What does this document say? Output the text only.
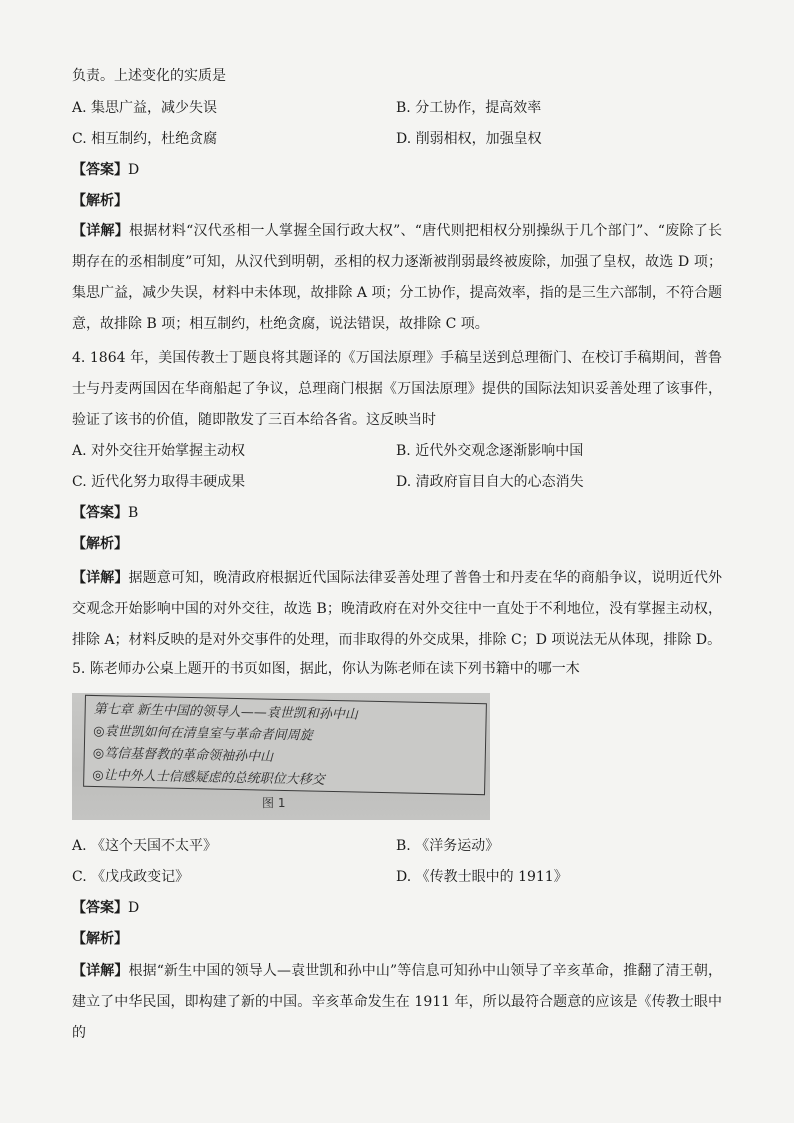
负责。上述变化的实质是
A. 集思广益，减少失误	B. 分工协作，提高效率
C. 相互制约，杜绝贪腐	D. 削弱相权，加强皇权
【答案】D
【解析】
【详解】根据材料“汉代丞相一人掌握全国行政大权”、“唐代则把相权分别操纵于几个部门”、“废除了长期存在的丞相制度”可知，从汉代到明朝，丞相的权力逐渐被削弱最终被废除，加强了皇权，故选 D 项；集思广益，减少失误，材料中未体现，故排除 A 项；分工协作，提高效率，指的是三生六部制，不符合题意，故排除 B 项；相互制约，杜绝贪腐，说法错误，故排除 C 项。
4. 1864 年，美国传教士丁题良将其题译的《万国法原理》手稿呈送到总理衙门、在校订手稿期间，普鲁士与丹麦两国因在华商船起了争议，总理商门根据《万国法原理》提供的国际法知识妥善处理了该事件，验证了该书的价值，随即散发了三百本给各省。这反映当时
A. 对外交往开始掌握主动权	B. 近代外交观念逐渐影响中国
C. 近代化努力取得丰硬成果	D. 清政府盲目自大的心态消失
【答案】B
【解析】
【详解】据题意可知，晚清政府根据近代国际法律妥善处理了普鲁士和丹麦在华的商船争议，说明近代外交观念开始影响中国的对外交往，故选 B；晚清政府在对外交往中一直处于不利地位，没有掌握主动权，排除 A；材料反映的是对外交事件的处理，而非取得的外交成果，排除 C；D 项说法无从体现，排除 D。
5. 陈老师办公桌上题开的书页如图，据此，你认为陈老师在读下列书籍中的哪一木
第七章 新生中国的领导人——袁世凯和孙中山
◎袁世凯如何在清皇室与革命者间周旋
◎笃信基督教的革命领袖孙中山
◎让中外人士信感疑虑的总统职位大移交
图 1
A. 《这个天国不太平》	B. 《洋务运动》
C. 《戊戌政变记》	D. 《传教士眼中的 1911》
【答案】D
【解析】
【详解】根据“新生中国的领导人—袁世凯和孙中山”等信息可知孙中山领导了辛亥革命，推翻了清王朝，建立了中华民国，即构建了新的中国。辛亥革命发生在 1911 年，所以最符合题意的应该是《传教士眼中的
